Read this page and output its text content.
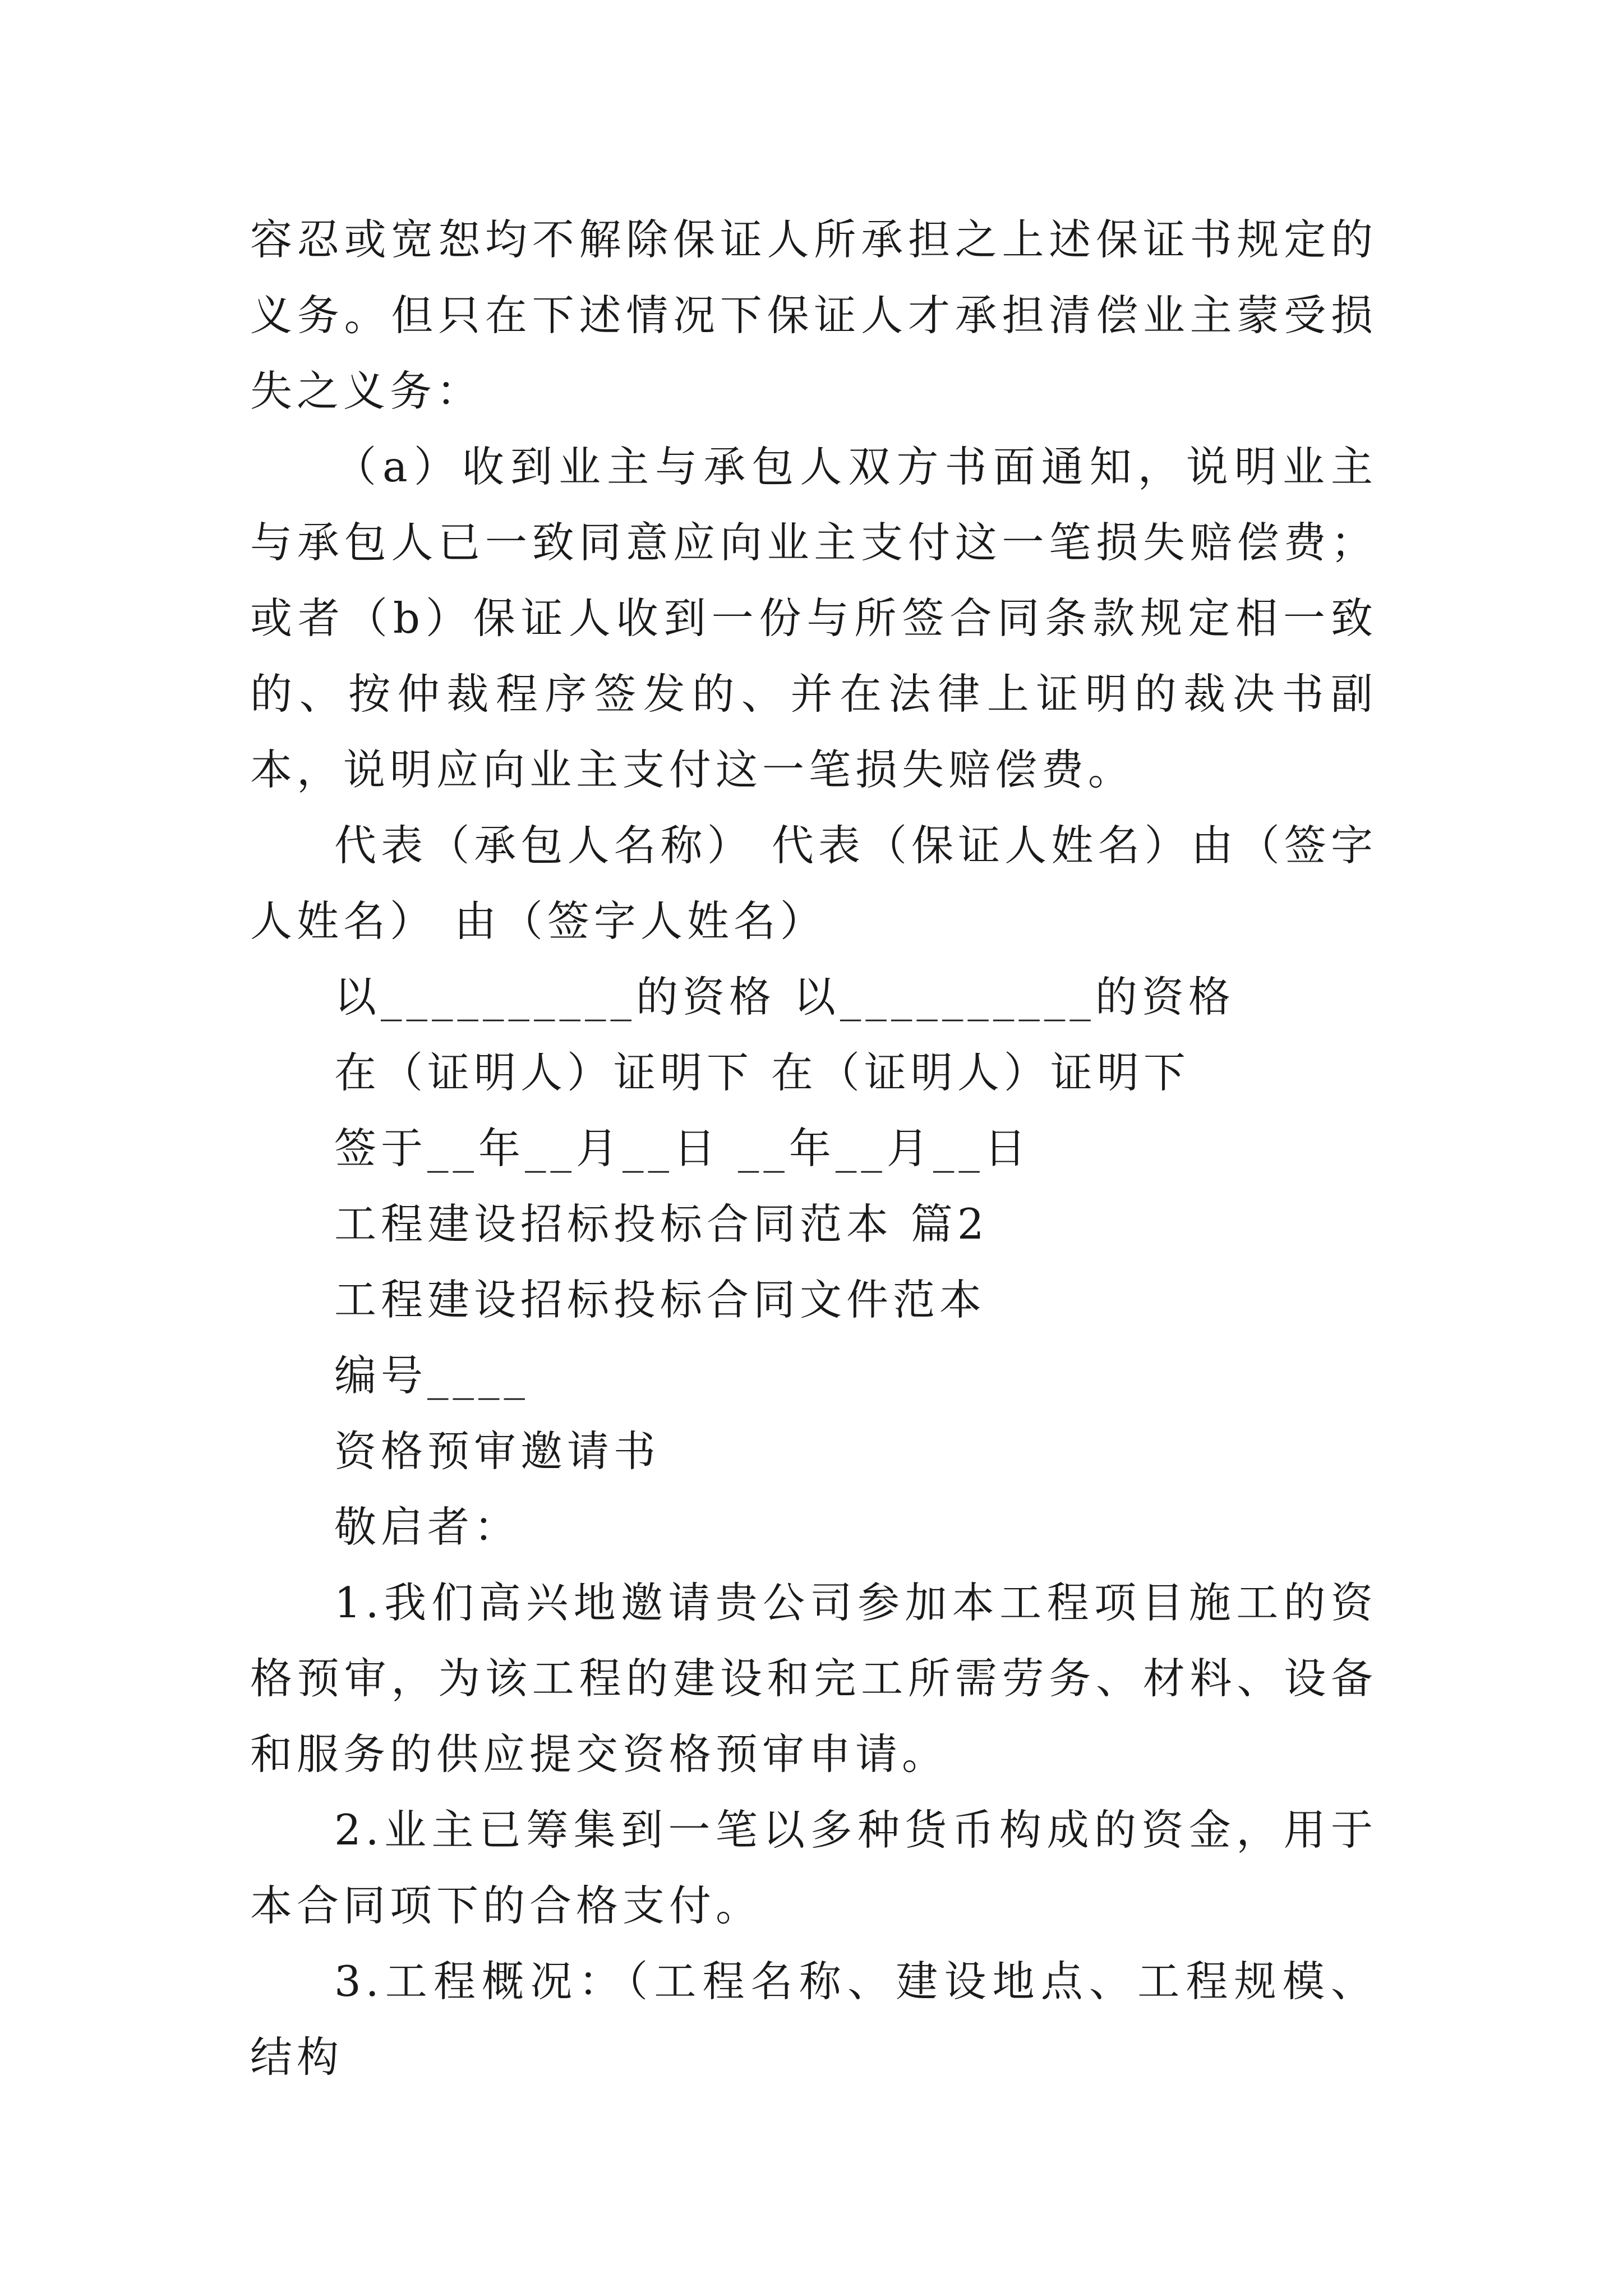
容忍或宽恕均不解除保证人所承担之上述保证书规定的义务。但只在下述情况下保证人才承担清偿业主蒙受损失之义务：

（a）收到业主与承包人双方书面通知，说明业主与承包人已一致同意应向业主支付这一笔损失赔偿费；或者（b）保证人收到一份与所签合同条款规定相一致的、按仲裁程序签发的、并在法律上证明的裁决书副本，说明应向业主支付这一笔损失赔偿费。

代表（承包人名称） 代表（保证人姓名）由（签字人姓名） 由（签字人姓名）

以__________的资格 以__________的资格

在（证明人）证明下 在（证明人）证明下

签于__年__月__日 __年__月__日

工程建设招标投标合同范本 篇2

工程建设招标投标合同文件范本

编号____

资格预审邀请书

敬启者：

1.我们高兴地邀请贵公司参加本工程项目施工的资格预审，为该工程的建设和完工所需劳务、材料、设备和服务的供应提交资格预审申请。

2.业主已筹集到一笔以多种货币构成的资金，用于本合同项下的合格支付。

3.工程概况：（工程名称、建设地点、工程规模、结构
